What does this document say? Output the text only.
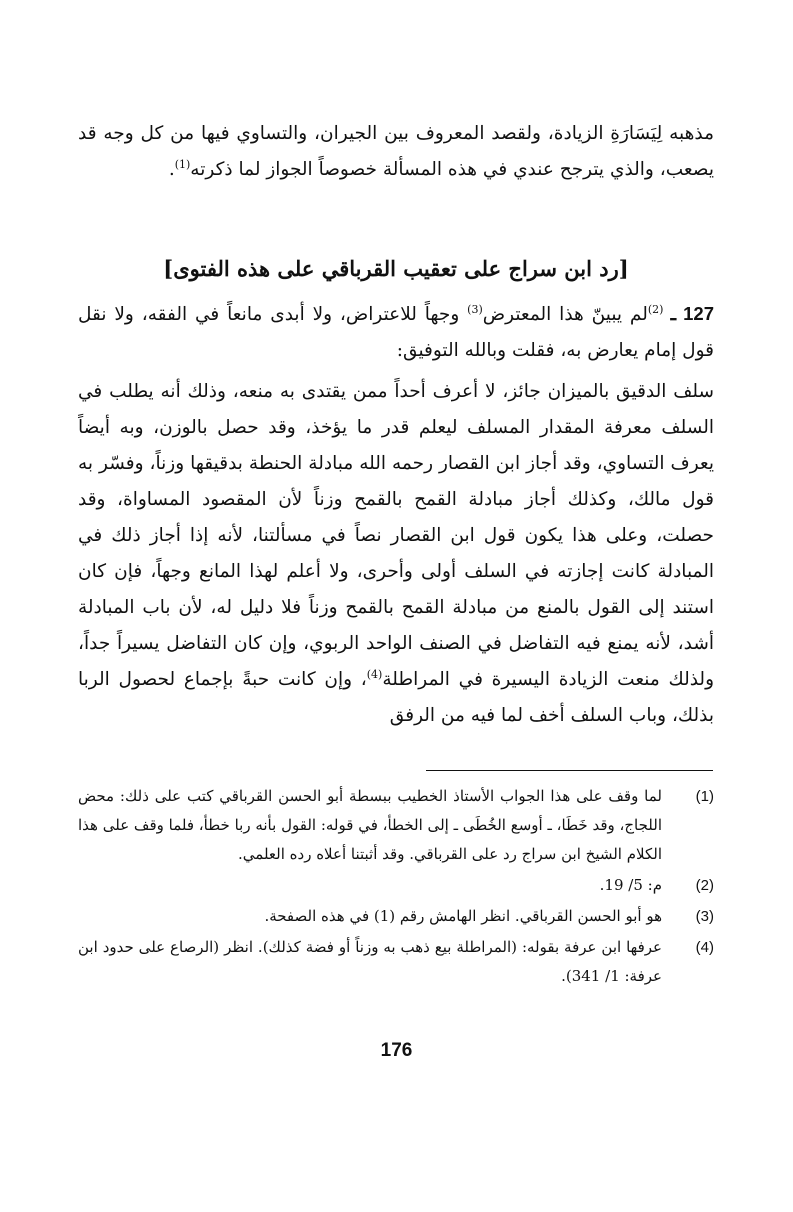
مذهبه لِيَسَارَةِ الزيادة، ولقصد المعروف بين الجيران، والتساوي فيها من كل وجه قد يصعب، والذي يترجح عندي في هذه المسألة خصوصاً الجواز لما ذكرته$^{(1)}$.

[رد ابن سراج على تعقيب القرباقي على هذه الفتوى]

127 ـ $^{(2)}$لم يبينّ هذا المعترض$^{(3)}$ وجهاً للاعتراض، ولا أبدى مانعاً في الفقه، ولا نقل قول إمام يعارض به، فقلت وبالله التوفيق:

سلف الدقيق بالميزان جائز، لا أعرف أحداً ممن يقتدى به منعه، وذلك أنه يطلب في السلف معرفة المقدار المسلف ليعلم قدر ما يؤخذ، وقد حصل بالوزن، وبه أيضاً يعرف التساوي، وقد أجاز ابن القصار رحمه الله مبادلة الحنطة بدقيقها وزناً، وفسّر به قول مالك، وكذلك أجاز مبادلة القمح بالقمح وزناً لأن المقصود المساواة، وقد حصلت، وعلى هذا يكون قول ابن القصار نصاً في مسألتنا، لأنه إذا أجاز ذلك في المبادلة كانت إجازته في السلف أولى وأحرى، ولا أعلم لهذا المانع وجهاً، فإن كان استند إلى القول بالمنع من مبادلة القمح بالقمح وزناً فلا دليل له، لأن باب المبادلة أشد، لأنه يمنع فيه التفاضل في الصنف الواحد الربوي، وإن كان التفاضل يسيراً جداً، ولذلك منعت الزيادة اليسيرة في المراطلة$^{(4)}$، وإن كانت حبةً بإجماع لحصول الربا بذلك، وباب السلف أخف لما فيه من الرفق

(1)
لما وقف على هذا الجواب الأستاذ الخطيب ببسطة أبو الحسن القرباقي كتب على ذلك: محض اللجاج، وقد خَطَا، ـ أوسع الخُطَى ـ إلى الخطأ، في قوله: القول بأنه ربا خطأ، فلما وقف على هذا الكلام الشيخ ابن سراج رد على القرباقي. وقد أثبتنا أعلاه رده العلمي.
(2)
م: 5/ 19.
(3)
هو أبو الحسن القرباقي. انظر الهامش رقم (1) في هذه الصفحة.
(4)
عرفها ابن عرفة بقوله: (المراطلة بيع ذهب به وزناً أو فضة كذلك). انظر (الرصاع على حدود ابن عرفة: 1/ 341).
176
